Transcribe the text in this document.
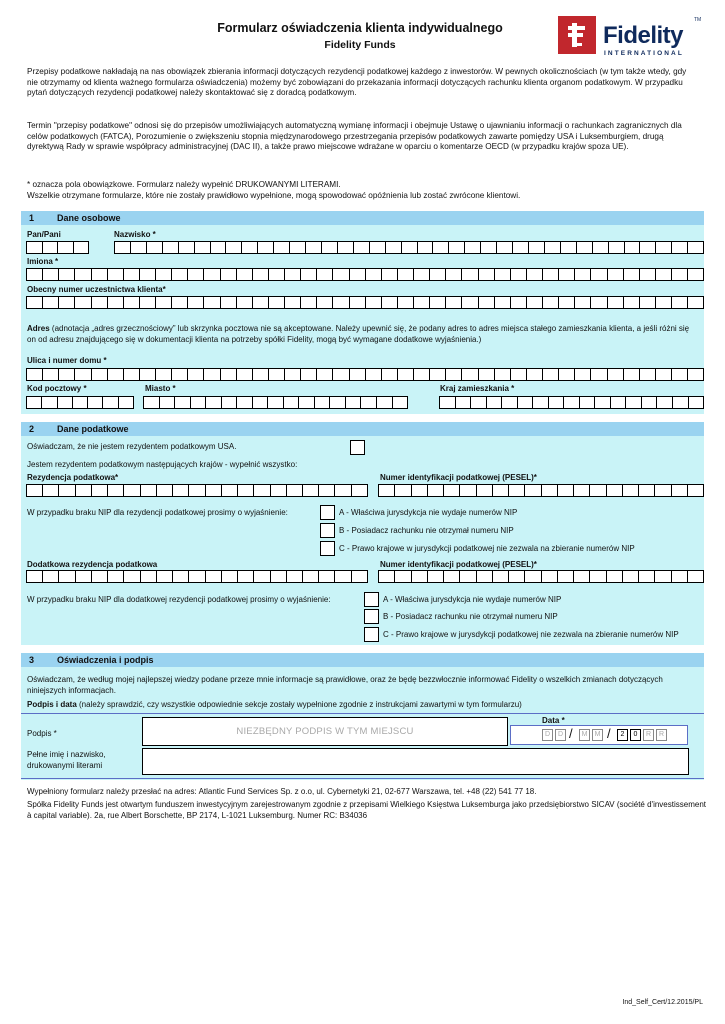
Formularz oświadczenia klienta indywidualnego
Fidelity Funds	Fidelity
TM
INTERNATIONAL
Przepisy podatkowe nakładają na nas obowiązek zbierania informacji dotyczących rezydencji podatkowej każdego z inwestorów. W pewnych okolicznościach (w tym także wtedy, gdy nie otrzymamy od klienta ważnego formularza oświadczenia) możemy być zobowiązani do przekazania informacji dotyczących rachunku klienta organom podatkowym. W przypadku pytań dotyczących rezydencji podatkowej należy skontaktować się z doradcą podatkowym.
Termin "przepisy podatkowe" odnosi się do przepisów umożliwiających automatyczną wymianę informacji i obejmuje Ustawę o ujawnianiu informacji o rachunkach zagranicznych dla celów podatkowych (FATCA), Porozumienie o zwiększeniu stopnia międzynarodowego przestrzegania przepisów podatkowych zawarte pomiędzy USA i Luksemburgiem, drugą dyrektywą Rady w sprawie współpracy administracyjnej (DAC II), a także prawo miejscowe wdrażane w oparciu o komentarze OECD (w przypadku krajów spoza UE).
* oznacza pola obowiązkowe. Formularz należy wypełnić DRUKOWANYMI LITERAMI.
Wszelkie otrzymane formularze, które nie zostały prawidłowo wypełnione, mogą spowodować opóźnienia lub zostać zwrócone klientowi.
1	Dane osobowe
Pan/Pani	Nazwisko *
Imiona *
Obecny numer uczestnictwa klienta*
Adres (adnotacja „adres grzecznościowy” lub skrzynka pocztowa nie są akceptowane. Należy upewnić się, że podany adres to adres miejsca stałego zamieszkania klienta, a jeśli różni się on od adresu znajdującego się w dokumentacji klienta na potrzeby spółki Fidelity, mogą być wymagane dodatkowe wyjaśnienia.)
Ulica i numer domu *
Kod pocztowy *	Miasto *	Kraj zamieszkania *
2	Dane podatkowe
Oświadczam, że nie jestem rezydentem podatkowym USA.
Jestem rezydentem podatkowym następujących krajów - wypełnić wszystko:
Rezydencja podatkowa*	Numer identyfikacji podatkowej (PESEL)*
W przypadku braku NIP dla rezydencji podatkowej prosimy o wyjaśnienie:	A - Właściwa jurysdykcja nie wydaje numerów NIP
B - Posiadacz rachunku nie otrzymał numeru NIP
C - Prawo krajowe w jurysdykcji podatkowej nie zezwala na zbieranie numerów NIP
Dodatkowa rezydencja podatkowa	Numer identyfikacji podatkowej (PESEL)*
W przypadku braku NIP dla dodatkowej rezydencji podatkowej prosimy o wyjaśnienie:	A - Właściwa jurysdykcja nie wydaje numerów NIP
B - Posiadacz rachunku nie otrzymał numeru NIP
C - Prawo krajowe w jurysdykcji podatkowej nie zezwala na zbieranie numerów NIP
3	Oświadczenia i podpis
Oświadczam, że według mojej najlepszej wiedzy podane przeze mnie informacje są prawidłowe, oraz że będę bezzwłocznie informować Fidelity o wszelkich zmianach dotyczących niniejszych informacjach.
Podpis i data (należy sprawdzić, czy wszystkie odpowiednie sekcje zostały wypełnione zgodnie z instrukcjami zawartymi w tym formularzu)
Podpis *	NIEZBĘDNY PODPIS W TYM MIEJSCU
Data *
D	D /	M	M /	2	0	R	R
Pełne imię i nazwisko, drukowanymi literami

Wypełniony formularz należy przesłać na adres: Atlantic Fund Services Sp. z o.o, ul. Cybernetyki 21, 02-677 Warszawa, tel. +48 (22) 541 77 18.

Spółka Fidelity Funds jest otwartym funduszem inwestycyjnym zarejestrowanym zgodnie z przepisami Wielkiego Księstwa Luksemburga jako przedsiębiorstwo SICAV (société d'investissement à capital variable). 2a, rue Albert Borschette, BP 2174, L-1021 Luksemburg. Numer RC: B34036

Ind_Self_Cert/12.2015/PL
